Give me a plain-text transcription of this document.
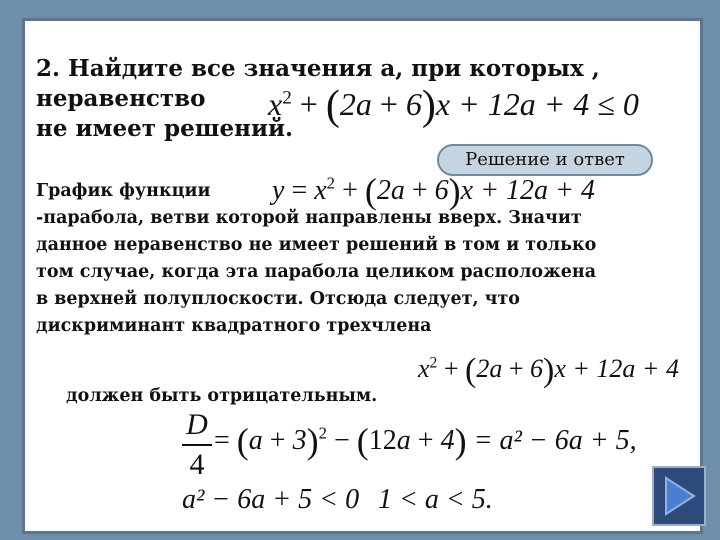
2. Найдите все значения а, при которых ,
неравенство
не имеет решений.
$x^2 + (2a + 6)x + 12a + 4 \le 0$
Решение и ответ
График функции
-парабола, ветви которой направлены вверх. Значит
данное неравенство не имеет решений в том и только
том случае, когда эта парабола целиком расположена
в верхней полуплоскости. Отсюда следует, что
дискриминант квадратного трехчлена
$y = x^2 + (2a + 6)x + 12a + 4$
$x^2 + (2a + 6)x + 12a + 4$
должен быть отрицательным.
D
4
= $(a + 3)^2 - (12a + 4) = a^2 - 6a + 5$,
a² − 6a + 5 < 0 1 < a < 5.
